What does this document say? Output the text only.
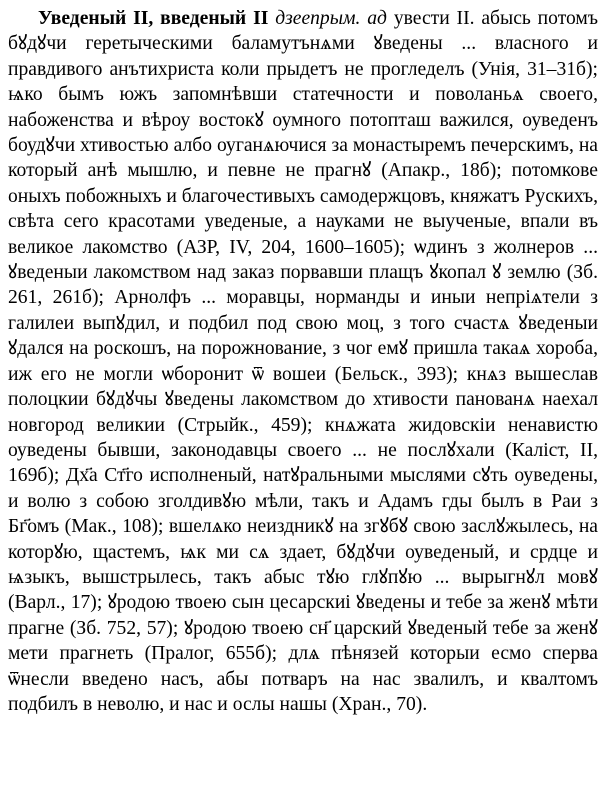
Уведеный II, введеный II дзеепрым. ад увести II. абысь потомъ бꙋдꙋчи геретыческими баламутънѧми ꙋведены ... власного и правдивого анътихриста коли прыдетъ не прогледелъ (Унія, 31–31б); ѩко бымъ южъ запомнѣвши статечности и поволаньѧ своего, набоженства и вѣроу востокꙋ оумного потопташ важился, оуведенъ боудꙋчи хтивостью албо оуганѧючися за монастыремъ печерскимъ, на который анѣ мышлю, и певне не прагнꙋ (Апакр., 18б); потомкове оныхъ побожныхъ и благочестивыхъ самодержцовъ, княжатъ Рускихъ, свѣта сего красотами уведеные, а науками не выученые, впали въ великое лакомство (АЗР, IV, 204, 1600–1605); ѡдинъ з жолнеров ... ꙋведеныи лакомством над заказ порвавши плащъ ꙋкопал ꙋ землю (Зб. 261, 261б); Арнолфъ ... моравцы, норманды и иныи непріѧтели з галилеи выпꙋдил, и подбил под свою моц, з того счастѧ ꙋведеныи ꙋдался на роскошъ, на порожнование, з чоr емꙋ пришла такаѧ хороба, иж его не могли ѡборонит ѿ вошеи (Бельск., 393); кнѧз вышеслав полоцкии бꙋдꙋчы ꙋведены лакомством до хтивости панованѧ наехал новгород великии (Стрыйк., 459); кнѧжата жидовскіи ненавистю оуведены бывши, законодавцы своего ... не послꙋхали (Каліст, II, 169б); Дх҃а Ст҃го исполненый, натꙋральными мыслями сꙋть оуведены, и волю з собою зголдивꙋю мѣли, такъ и Адамъ гды былъ в Раи з Бг҃омъ (Мак., 108); вшелѧко неиздникꙋ на згꙋбꙋ свою заслꙋжылесь, на которꙋю, щастемъ, ѩк ми сѧ здает, бꙋдꙋчи оуведеный, и срдце и ѩзыкъ, вышстрылесь, такъ абыс тꙋю глꙋпꙋю ... вырыгнꙋл мовꙋ (Варл., 17); ꙋродою твоею сын цесарскиі ꙋведены и тебе за женꙋ мѣти прагне (Зб. 752, 57); ꙋродою твоею сн҃ царский ꙋведеный тебе за женꙋ мети прагнеть (Пралог, 655б); длѧ пѣнязей которыи есмо сперва ѿнесли введено насъ, абы потваръ на нас звалилъ, и квалтомъ подбилъ в неволю, и нас и ослы нашы (Хран., 70).
